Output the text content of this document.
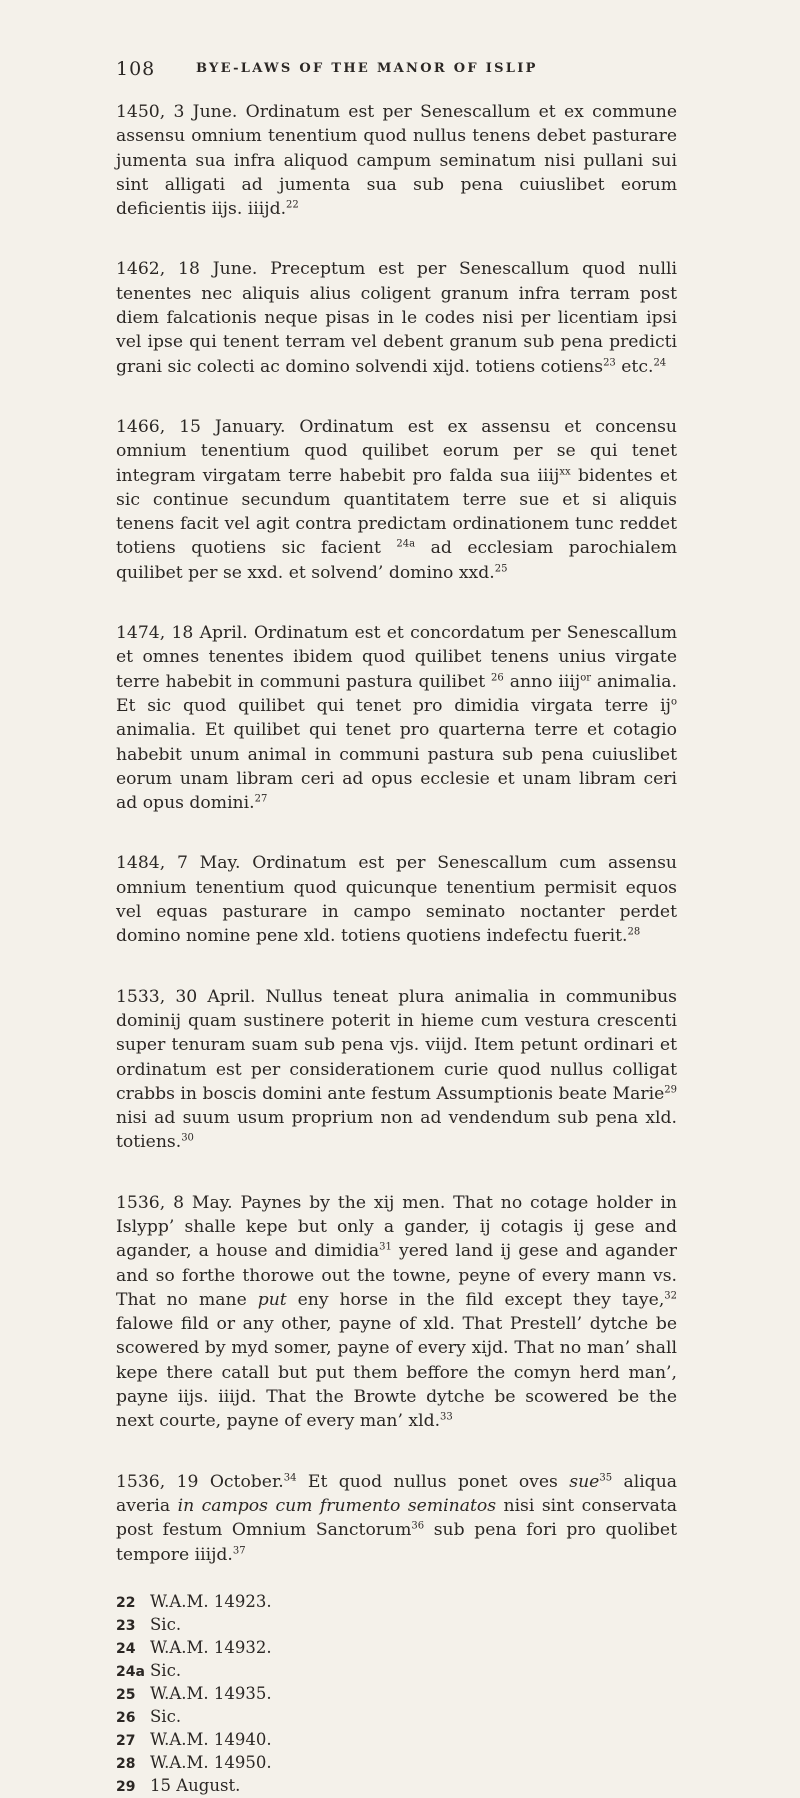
108	BYE-LAWS OF THE MANOR OF ISLIP

1450, 3 June. Ordinatum est per Senescallum et ex commune assensu omnium tenentium quod nullus tenens debet pasturare jumenta sua infra aliquod campum seminatum nisi pullani sui sint alligati ad jumenta sua sub pena cuiuslibet eorum deficientis iijs. iiijd.$^{22}$

1462, 18 June. Preceptum est per Senescallum quod nulli tenentes nec aliquis alius coligent granum infra terram post diem falcationis neque pisas in le codes nisi per licentiam ipsi vel ipse qui tenent terram vel debent granum sub pena predicti grani sic colecti ac domino solvendi xijd. totiens cotiens$^{23}$ etc.$^{24}$

1466, 15 January. Ordinatum est ex assensu et concensu omnium tenentium quod quilibet eorum per se qui tenet integram virgatam terre habebit pro falda sua iiij$^{xx}$ bidentes et sic continue secundum quantitatem terre sue et si aliquis tenens facit vel agit contra predictam ordinationem tunc reddet totiens quotiens sic facient $^{24a}$ ad ecclesiam parochialem quilibet per se xxd. et solvend’ domino xxd.$^{25}$

1474, 18 April. Ordinatum est et concordatum per Senescallum et omnes tenentes ibidem quod quilibet tenens unius virgate terre habebit in communi pastura quilibet $^{26}$ anno iiij$^{or}$ animalia. Et sic quod quilibet qui tenet pro dimidia virgata terre $ij^o$ animalia. Et quilibet qui tenet pro quarterna terre et cotagio habebit unum animal in communi pastura sub pena cuiuslibet eorum unam libram ceri ad opus ecclesie et unam libram ceri ad opus domini.$^{27}$

1484, 7 May. Ordinatum est per Senescallum cum assensu omnium tenentium quod quicunque tenentium permisit equos vel equas pasturare in campo seminato noctanter perdet domino nomine pene xld. totiens quotiens indefectu fuerit.$^{28}$

1533, 30 April. Nullus teneat plura animalia in communibus dominij quam sustinere poterit in hieme cum vestura crescenti super tenuram suam sub pena vjs. viijd. Item petunt ordinari et ordinatum est per considerationem curie quod nullus colligat crabbs in boscis domini ante festum Assumptionis beate Marie$^{29}$ nisi ad suum usum proprium non ad vendendum sub pena xld. totiens.$^{30}$

1536, 8 May. Paynes by the xij men. That no cotage holder in Islypp’ shalle kepe but only a gander, ij cotagis ij gese and agander, a house and dimidia$^{31}$ yered land ij gese and agander and so forthe thorowe out the towne, peyne of every mann vs. That no mane put eny horse in the fild except they taye,$^{32}$ falowe fild or any other, payne of xld. That Prestell’ dytche be scowered by myd somer, payne of every xijd. That no man’ shall kepe there catall but put them beffore the comyn herd man’, payne iijs. iiijd. That the Browte dytche be scowered be the next courte, payne of every man’ xld.$^{33}$

1536, 19 October.$^{34}$ Et quod nullus ponet oves sue$^{35}$ aliqua averia in campos cum frumento seminatos nisi sint conservata post festum Omnium Sanctorum$^{36}$ sub pena fori pro quolibet tempore iiijd.$^{37}$

22 W.A.M. 14923.
23 Sic.
24 W.A.M. 14932.
24a Sic.
25 W.A.M. 14935.
26 Sic.
27 W.A.M. 14940.
28 W.A.M. 14950.
29 15 August.
